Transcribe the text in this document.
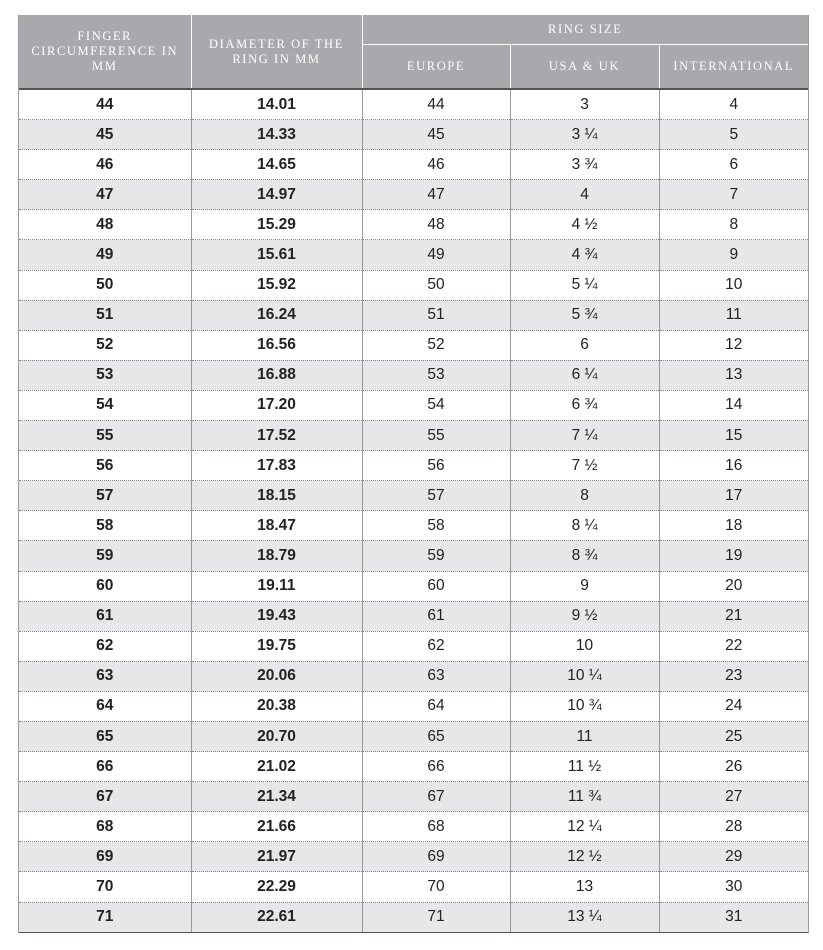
FINGER CIRCUMFERENCE IN MM	DIAMETER OF THE RING IN MM	RING SIZE		
		EUROPE	USA & UK	INTERNATIONAL
44	14.01	44	3	4
45	14.33	45	3 ¼	5
46	14.65	46	3 ¾	6
47	14.97	47	4	7
48	15.29	48	4 ½	8
49	15.61	49	4 ¾	9
50	15.92	50	5 ¼	10
51	16.24	51	5 ¾	11
52	16.56	52	6	12
53	16.88	53	6 ¼	13
54	17.20	54	6 ¾	14
55	17.52	55	7 ¼	15
56	17.83	56	7 ½	16
57	18.15	57	8	17
58	18.47	58	8 ¼	18
59	18.79	59	8 ¾	19
60	19.11	60	9	20
61	19.43	61	9 ½	21
62	19.75	62	10	22
63	20.06	63	10 ¼	23
64	20.38	64	10 ¾	24
65	20.70	65	11	25
66	21.02	66	11 ½	26
67	21.34	67	11 ¾	27
68	21.66	68	12 ¼	28
69	21.97	69	12 ½	29
70	22.29	70	13	30
71	22.61	71	13 ¼	31
